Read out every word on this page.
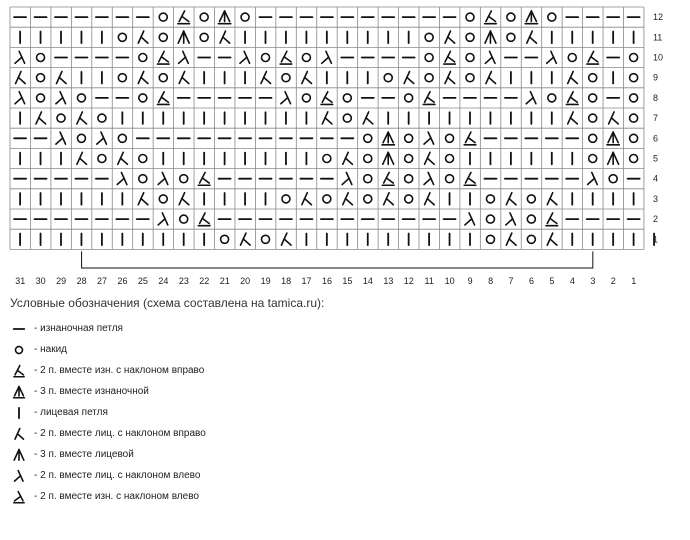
12
11
10
9
8
7
6
5
4
3
2
1
31 30 29 28 27 26 25 24 23 22 21 20 19 18 17 16 15 14 13 12 11 10 9 8 7 6 5 4 3 2 1
Условные обозначения (схема составлена на tamica.ru):
- изнаночная петля
- накид
- 2 п. вместе изн. с наклоном вправо
- 3 п. вместе изнаночной
- лицевая петля
- 2 п. вместе лиц. с наклоном вправо
- 3 п. вместе лицевой
- 2 п. вместе лиц. с наклоном влево
- 2 п. вместе изн. с наклоном влево
